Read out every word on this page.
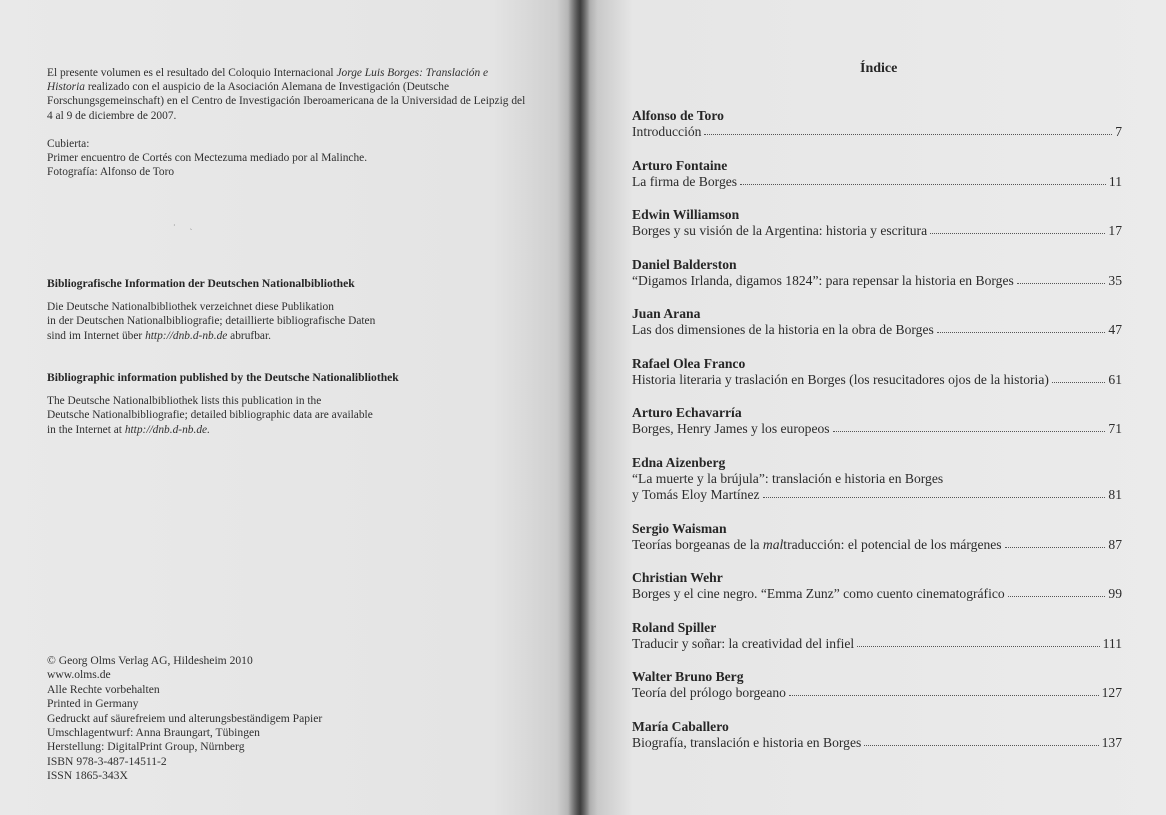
El presente volumen es el resultado del Coloquio Internacional Jorge Luis Borges: Translación e Historia realizado con el auspicio de la Asociación Alemana de Investigación (Deutsche Forschungsgemeinschaft) en el Centro de Investigación Iberoamericana de la Universidad de Leipzig del 4 al 9 de diciembre de 2007.

Cubierta:

Primer encuentro de Cortés con Mectezuma mediado por al Malinche.

Fotografía: Alfonso de Toro

· ˎ
Bibliografische Information der Deutschen Nationalbibliothek

Die Deutsche Nationalbibliothek verzeichnet diese Publikation

in der Deutschen Nationalbibliografie; detaillierte bibliografische Daten

sind im Internet über http://dnb.d-nb.de abrufbar.

Bibliographic information published by the Deutsche Nationalibliothek

The Deutsche Nationalbibliothek lists this publication in the

Deutsche Nationalbibliografie; detailed bibliographic data are available

in the Internet at http://dnb.d-nb.de.

© Georg Olms Verlag AG, Hildesheim 2010

www.olms.de

Alle Rechte vorbehalten

Printed in Germany

Gedruckt auf säurefreiem und alterungsbeständigem Papier

Umschlagentwurf: Anna Braungart, Tübingen

Herstellung: DigitalPrint Group, Nürnberg

ISBN 978-3-487-14511-2

ISSN 1865-343X

Índice
Alfonso de Toro
Introducción	7
Arturo Fontaine
La firma de Borges	11
Edwin Williamson
Borges y su visión de la Argentina: historia y escritura	17
Daniel Balderston
“Digamos Irlanda, digamos 1824”: para repensar la historia en Borges	35
Juan Arana
Las dos dimensiones de la historia en la obra de Borges	47
Rafael Olea Franco
Historia literaria y traslación en Borges (los resucitadores ojos de la historia)	61
Arturo Echavarría
Borges, Henry James y los europeos	71
Edna Aizenberg
“La muerte y la brújula”: translación e historia en Borges
y Tomás Eloy Martínez	81
Sergio Waisman
Teorías borgeanas de la maltraducción: el potencial de los márgenes	87
Christian Wehr
Borges y el cine negro. “Emma Zunz” como cuento cinematográfico	99
Roland Spiller
Traducir y soñar: la creatividad del infiel	111
Walter Bruno Berg
Teoría del prólogo borgeano	127
María Caballero
Biografía, translación e historia en Borges	137
